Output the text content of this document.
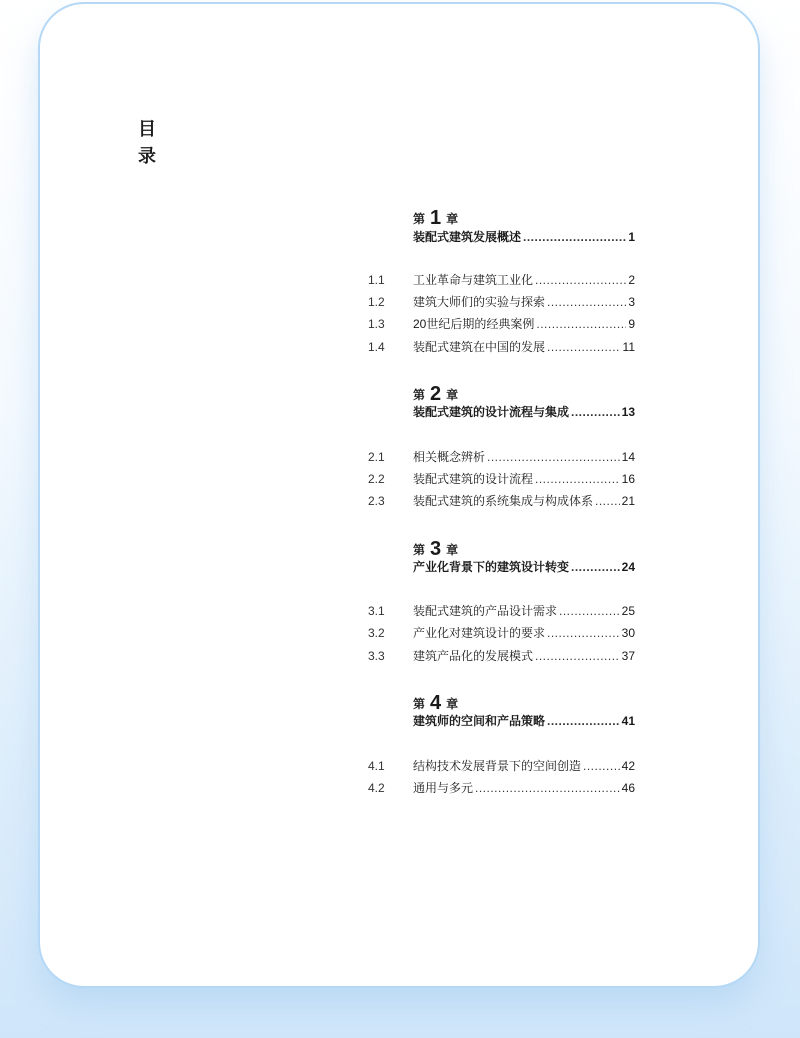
目
录
第 1 章
装配式建筑发展概述 .....	1
1.1	工业革命与建筑工业化 .....	2
1.2	建筑大师们的实验与探索 .....	3
1.3	20世纪后期的经典案例 .....	9
1.4	装配式建筑在中国的发展 .....	11
第 2 章
装配式建筑的设计流程与集成 .....	13
2.1	相关概念辨析 .....	14
2.2	装配式建筑的设计流程 .....	16
2.3	装配式建筑的系统集成与构成体系 ..... 21
第 3 章
产业化背景下的建筑设计转变 .....	24
3.1	装配式建筑的产品设计需求 .....	25
3.2	产业化对建筑设计的要求 .....	30
3.3	建筑产品化的发展模式 .....	37
第 4 章
建筑师的空间和产品策略 .....	41
4.1	结构技术发展背景下的空间创造 .....	42
4.2	通用与多元 .....	46
